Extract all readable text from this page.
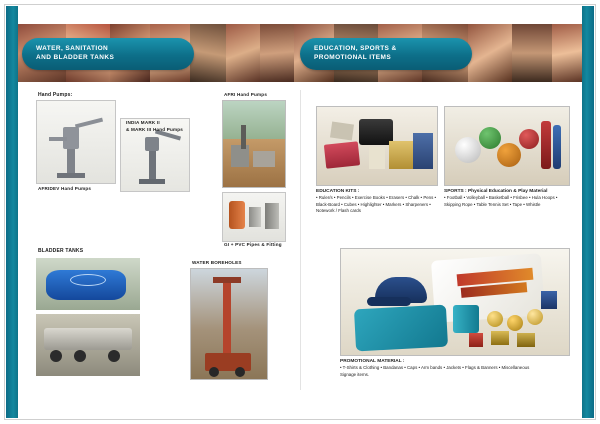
WATER, SANITATION
AND BLADDER TANKS
EDUCATION, SPORTS &
PROMOTIONAL ITEMS
Hand Pumps:
AFRIDEV Hand Pumps
INDIA MARK II
& MARK III Hand Pumps
AFRI Hand Pumps
GI + PVC Pipes & Fitting
BLADDER TANKS
WATER BOREHOLES
EDUCATION KITS :
• Ruler/s • Pencils • Exercise Books • Erasers • Chalk • Pens • Black-Board • Cubes • Highlighter • Markers • Sharpeners • Notework / Flash cards
SPORTS : Physical Education & Play Material
• Football • Volleyball • Basketball • Frisbee • Hula Hoops • Skipping Rope • Table Tennis Set • Tape • Whistle
PROMOTIONAL MATERIAL :
• T-Shirts & Clothing • Bandanas • Caps • Arm bands • Jackets • Flags & Banners • Miscellaneous Signage items.
